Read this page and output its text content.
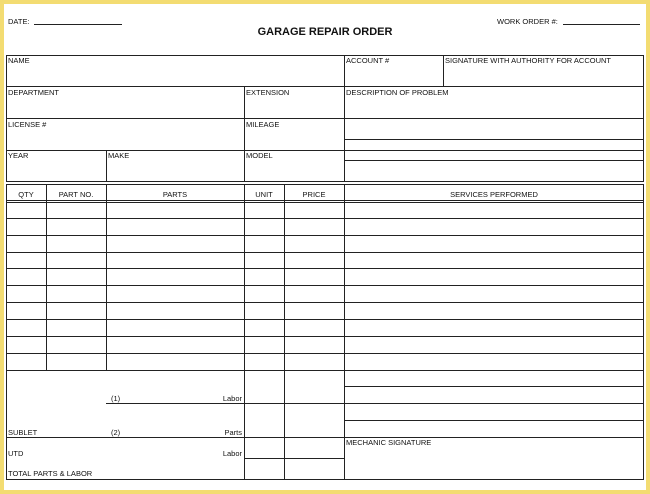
DATE:	WORK ORDER #:
GARAGE REPAIR ORDER
NAME	ACCOUNT #	SIGNATURE WITH AUTHORITY FOR ACCOUNT
DEPARTMENT	EXTENSION	DESCRIPTION OF PROBLEM
LICENSE #	MILEAGE
YEAR	MAKE	MODEL
QTY	PART NO.	PARTS	UNIT	PRICE	SERVICES PERFORMED
(1)	Labor
SUBLET	(2)	Parts
UTD	Labor
TOTAL PARTS & LABOR
MECHANIC SIGNATURE
